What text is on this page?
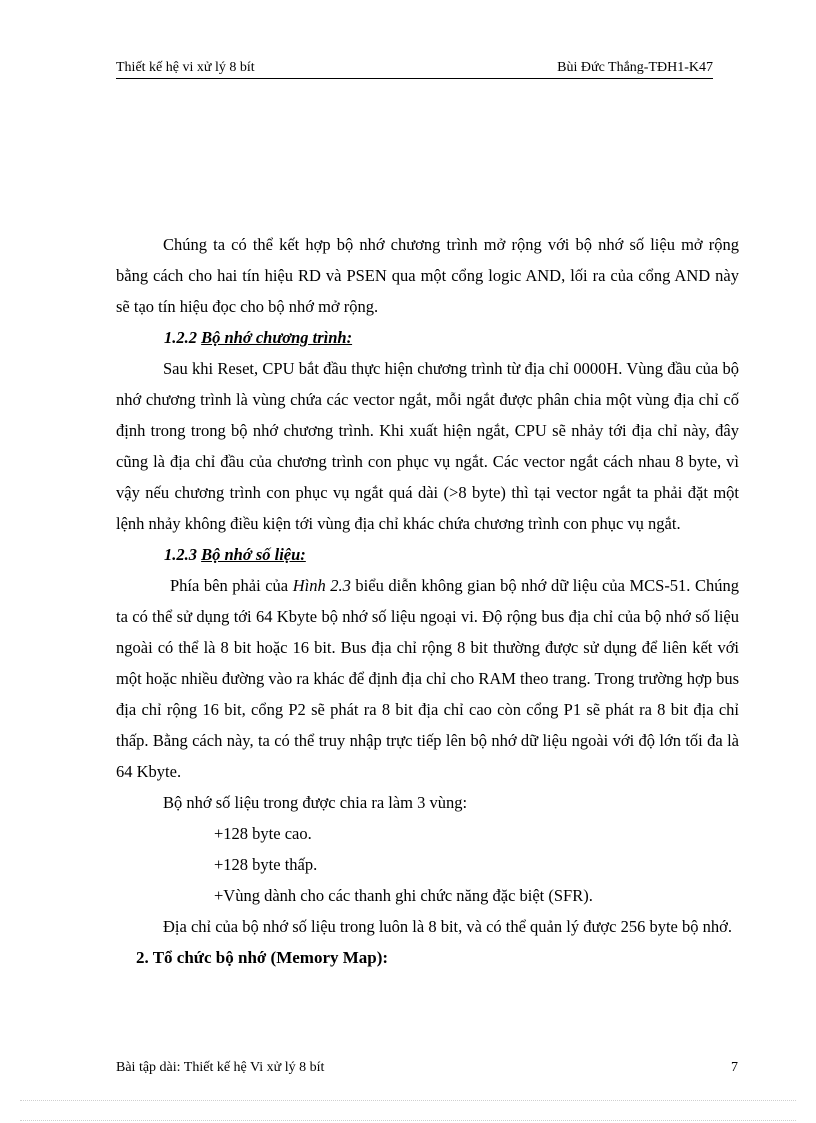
Thiết kế hệ vi xử lý 8 bít	Bùi Đức Thắng-TĐH1-K47

Chúng ta có thể kết hợp bộ nhớ chương trình mở rộng với bộ nhớ số liệu mở rộng bằng cách cho hai tín hiệu RD và PSEN qua một cổng logic AND, lối ra của cổng AND này sẽ tạo tín hiệu đọc cho bộ nhớ mở rộng.

1.2.2 Bộ nhớ chương trình:

Sau khi Reset, CPU bắt đầu thực hiện chương trình từ địa chỉ 0000H. Vùng đầu của bộ nhớ chương trình là vùng chứa các vector ngắt, mỗi ngắt được phân chia một vùng địa chỉ cố định trong trong bộ nhớ chương trình. Khi xuất hiện ngắt, CPU sẽ nhảy tới địa chỉ này, đây cũng là địa chỉ đầu của chương trình con phục vụ ngắt. Các vector ngắt cách nhau 8 byte, vì vậy nếu chương trình con phục vụ ngắt quá dài (>8 byte) thì tại vector ngắt ta phải đặt một lệnh nhảy không điều kiện tới vùng địa chỉ khác chứa chương trình con phục vụ ngắt.

1.2.3 Bộ nhớ số liệu:

Phía bên phải của Hình 2.3 biểu diễn không gian bộ nhớ dữ liệu của MCS-51. Chúng ta có thể sử dụng tới 64 Kbyte bộ nhớ số liệu ngoại vi. Độ rộng bus địa chỉ của bộ nhớ số liệu ngoài có thể là 8 bit hoặc 16 bit. Bus địa chỉ rộng 8 bit thường được sử dụng để liên kết với một hoặc nhiều đường vào ra khác để định địa chỉ cho RAM theo trang. Trong trường hợp bus địa chỉ rộng 16 bit, cổng P2 sẽ phát ra 8 bit địa chỉ cao còn cổng P1 sẽ phát ra 8 bit địa chỉ thấp. Bằng cách này, ta có thể truy nhập trực tiếp lên bộ nhớ dữ liệu ngoài với độ lớn tối đa là 64 Kbyte.

Bộ nhớ số liệu trong được chia ra làm 3 vùng:

+128 byte cao.

+128 byte thấp.

+Vùng dành cho các thanh ghi chức năng đặc biệt (SFR).

Địa chỉ của bộ nhớ số liệu trong luôn là 8 bit, và có thể quản lý được 256 byte bộ nhớ.

2. Tổ chức bộ nhớ (Memory Map):

Bài tập dài: Thiết kế hệ Vi xử lý 8 bít	7
